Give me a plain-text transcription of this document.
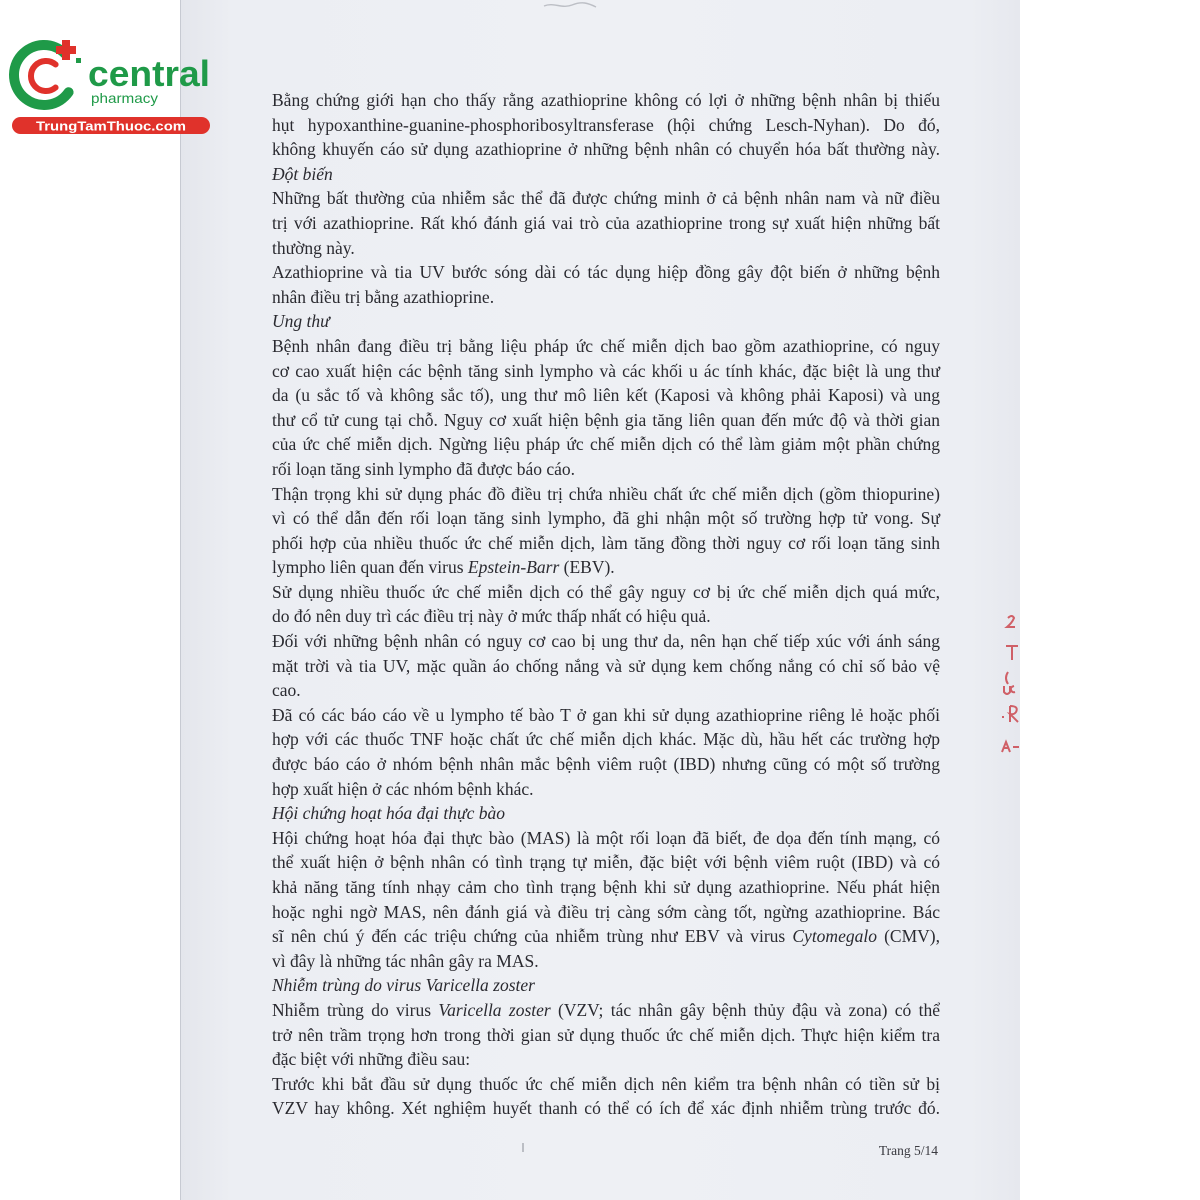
central
pharmacy
TrungTamThuoc.com
Bằng chứng giới hạn cho thấy rằng azathioprine không có lợi ở những bệnh nhân bị thiếu
hụt hypoxanthine-guanine-phosphoribosyltransferase (hội chứng Lesch-Nyhan). Do đó,
không khuyến cáo sử dụng azathioprine ở những bệnh nhân có chuyển hóa bất thường này.
Đột biến
Những bất thường của nhiễm sắc thể đã được chứng minh ở cả bệnh nhân nam và nữ điều
trị với azathioprine. Rất khó đánh giá vai trò của azathioprine trong sự xuất hiện những bất
thường này.
Azathioprine và tia UV bước sóng dài có tác dụng hiệp đồng gây đột biến ở những bệnh
nhân điều trị bằng azathioprine.
Ung thư
Bệnh nhân đang điều trị bằng liệu pháp ức chế miễn dịch bao gồm azathioprine, có nguy
cơ cao xuất hiện các bệnh tăng sinh lympho và các khối u ác tính khác, đặc biệt là ung thư
da (u sắc tố và không sắc tố), ung thư mô liên kết (Kaposi và không phải Kaposi) và ung
thư cổ tử cung tại chỗ. Nguy cơ xuất hiện bệnh gia tăng liên quan đến mức độ và thời gian
của ức chế miễn dịch. Ngừng liệu pháp ức chế miễn dịch có thể làm giảm một phần chứng
rối loạn tăng sinh lympho đã được báo cáo.
Thận trọng khi sử dụng phác đồ điều trị chứa nhiều chất ức chế miễn dịch (gồm thiopurine)
vì có thể dẫn đến rối loạn tăng sinh lympho, đã ghi nhận một số trường hợp tử vong. Sự
phối hợp của nhiều thuốc ức chế miễn dịch, làm tăng đồng thời nguy cơ rối loạn tăng sinh
lympho liên quan đến virus Epstein-Barr (EBV).
Sử dụng nhiều thuốc ức chế miễn dịch có thể gây nguy cơ bị ức chế miễn dịch quá mức,
do đó nên duy trì các điều trị này ở mức thấp nhất có hiệu quả.
Đối với những bệnh nhân có nguy cơ cao bị ung thư da, nên hạn chế tiếp xúc với ánh sáng
mặt trời và tia UV, mặc quần áo chống nắng và sử dụng kem chống nắng có chỉ số bảo vệ
cao.
Đã có các báo cáo về u lympho tế bào T ở gan khi sử dụng azathioprine riêng lẻ hoặc phối
hợp với các thuốc TNF hoặc chất ức chế miễn dịch khác. Mặc dù, hầu hết các trường hợp
được báo cáo ở nhóm bệnh nhân mắc bệnh viêm ruột (IBD) nhưng cũng có một số trường
hợp xuất hiện ở các nhóm bệnh khác.
Hội chứng hoạt hóa đại thực bào
Hội chứng hoạt hóa đại thực bào (MAS) là một rối loạn đã biết, đe dọa đến tính mạng, có
thể xuất hiện ở bệnh nhân có tình trạng tự miễn, đặc biệt với bệnh viêm ruột (IBD) và có
khả năng tăng tính nhạy cảm cho tình trạng bệnh khi sử dụng azathioprine. Nếu phát hiện
hoặc nghi ngờ MAS, nên đánh giá và điều trị càng sớm càng tốt, ngừng azathioprine. Bác
sĩ nên chú ý đến các triệu chứng của nhiễm trùng như EBV và virus Cytomegalo (CMV),
vì đây là những tác nhân gây ra MAS.
Nhiễm trùng do virus Varicella zoster
Nhiễm trùng do virus Varicella zoster (VZV; tác nhân gây bệnh thủy đậu và zona) có thể
trở nên trầm trọng hơn trong thời gian sử dụng thuốc ức chế miễn dịch. Thực hiện kiểm tra
đặc biệt với những điều sau:
Trước khi bắt đầu sử dụng thuốc ức chế miễn dịch nên kiểm tra bệnh nhân có tiền sử bị
VZV hay không. Xét nghiệm huyết thanh có thể có ích để xác định nhiễm trùng trước đó.
Trang 5/14
